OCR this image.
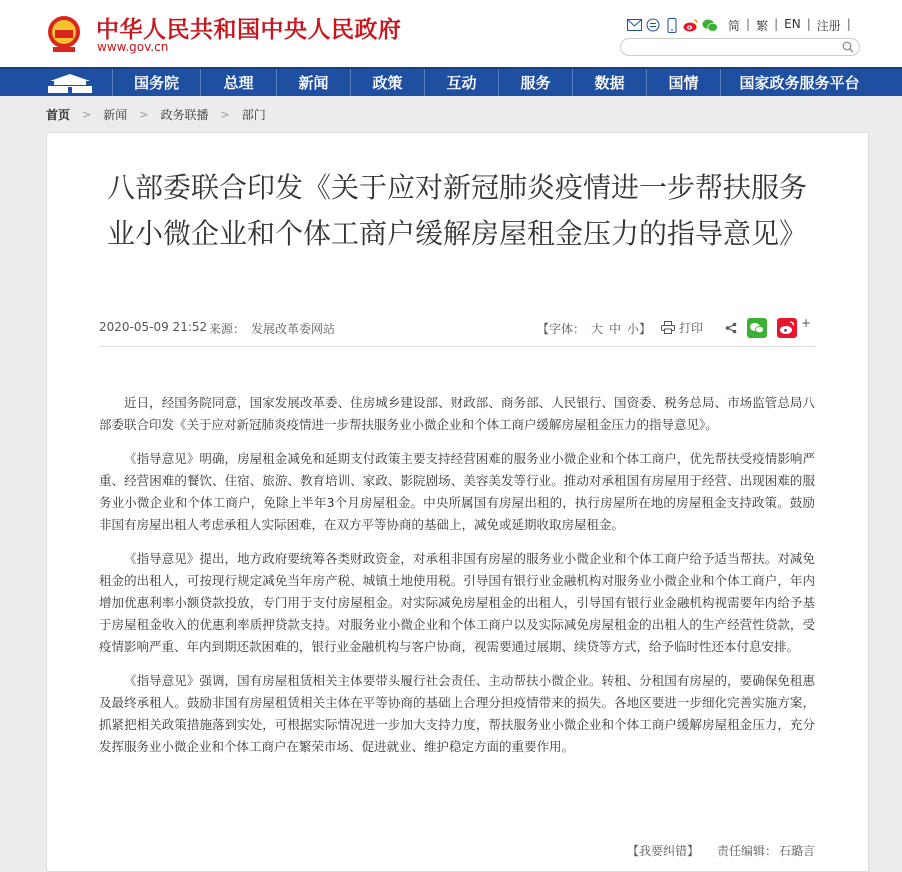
中华人民共和国中央人民政府
www.gov.cn
简 | 繁 | EN | 注册 |
国务院	总理	新闻	政策	互动	服务	数据	国情	国家政务服务平台
首页 > 新闻 > 政务联播 > 部门
八部委联合印发《关于应对新冠肺炎疫情进一步帮扶服务业小微企业和个体工商户缓解房屋租金压力的指导意见》
2020-05-09 21:52 来源： 发展改革委网站	【字体： 大 中 小】	打印	+

近日，经国务院同意，国家发展改革委、住房城乡建设部、财政部、商务部、人民银行、国资委、税务总局、市场监管总局八部委联合印发《关于应对新冠肺炎疫情进一步帮扶服务业小微企业和个体工商户缓解房屋租金压力的指导意见》。

《指导意见》明确，房屋租金减免和延期支付政策主要支持经营困难的服务业小微企业和个体工商户，优先帮扶受疫情影响严重、经营困难的餐饮、住宿、旅游、教育培训、家政、影院剧场、美容美发等行业。推动对承租国有房屋用于经营、出现困难的服务业小微企业和个体工商户，免除上半年3个月房屋租金。中央所属国有房屋出租的，执行房屋所在地的房屋租金支持政策。鼓励非国有房屋出租人考虑承租人实际困难，在双方平等协商的基础上，减免或延期收取房屋租金。

《指导意见》提出，地方政府要统筹各类财政资金，对承租非国有房屋的服务业小微企业和个体工商户给予适当帮扶。对减免租金的出租人，可按现行规定减免当年房产税、城镇土地使用税。引导国有银行业金融机构对服务业小微企业和个体工商户，年内增加优惠利率小额贷款投放，专门用于支付房屋租金。对实际减免房屋租金的出租人，引导国有银行业金融机构视需要年内给予基于房屋租金收入的优惠利率质押贷款支持。对服务业小微企业和个体工商户以及实际减免房屋租金的出租人的生产经营性贷款，受疫情影响严重、年内到期还款困难的，银行业金融机构与客户协商，视需要通过展期、续贷等方式，给予临时性还本付息安排。

《指导意见》强调，国有房屋租赁相关主体要带头履行社会责任、主动帮扶小微企业。转租、分租国有房屋的，要确保免租惠及最终承租人。鼓励非国有房屋租赁相关主体在平等协商的基础上合理分担疫情带来的损失。各地区要进一步细化完善实施方案，抓紧把相关政策措施落到实处，可根据实际情况进一步加大支持力度，帮扶服务业小微企业和个体工商户缓解房屋租金压力，充分发挥服务业小微企业和个体工商户在繁荣市场、促进就业、维护稳定方面的重要作用。

【我要纠错】 责任编辑： 石璐言
